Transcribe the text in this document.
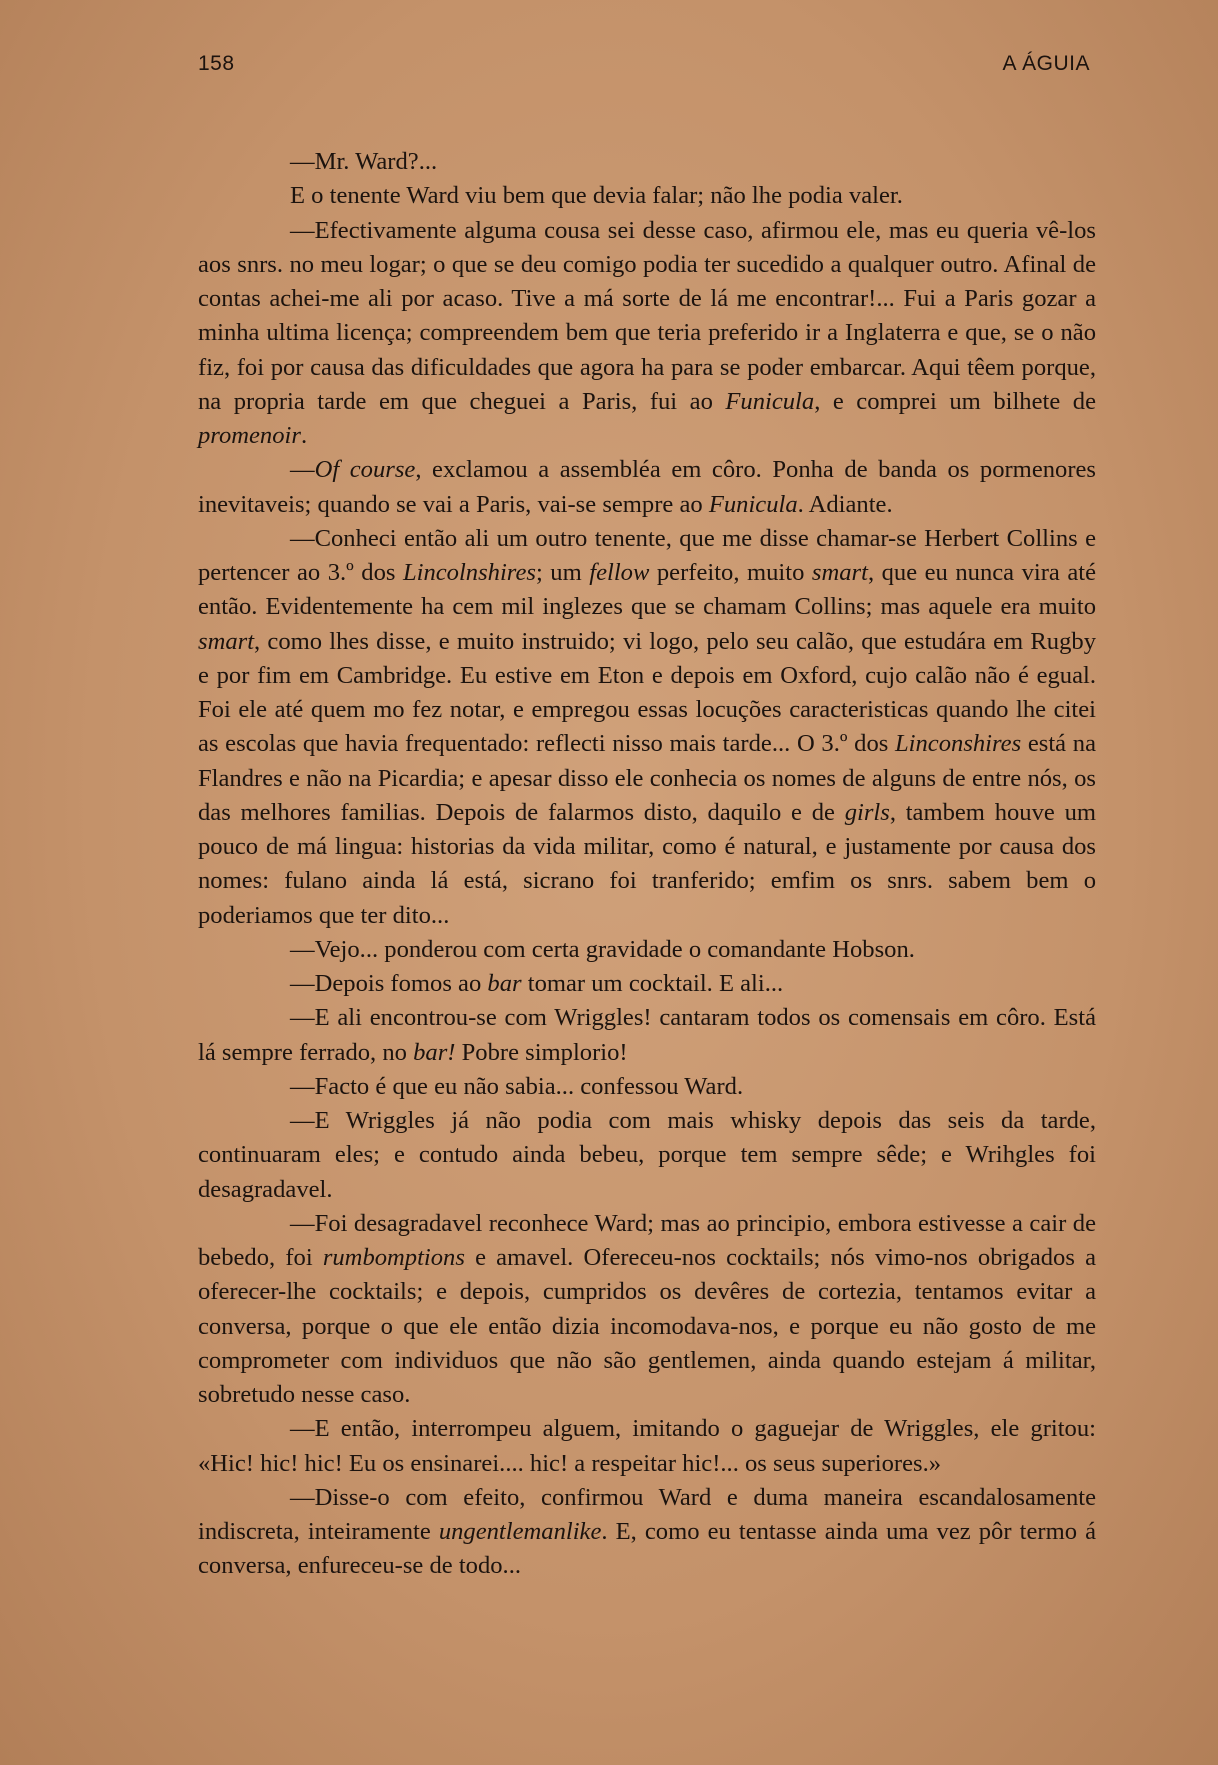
158	A ÁGUIA

—Mr. Ward?...

E o tenente Ward viu bem que devia falar; não lhe podia valer.

—Efectivamente alguma cousa sei desse caso, afirmou ele, mas eu queria vê-los aos snrs. no meu logar; o que se deu comigo podia ter sucedido a qualquer outro. Afinal de contas achei-me ali por acaso. Tive a má sorte de lá me encontrar!... Fui a Paris gozar a minha ultima licença; compreendem bem que teria preferido ir a Inglaterra e que, se o não fiz, foi por causa das dificuldades que agora ha para se poder embarcar. Aqui têem porque, na propria tarde em que cheguei a Paris, fui ao Funicula, e comprei um bilhete de promenoir.

—Of course, exclamou a assembléa em côro. Ponha de banda os pormenores inevitaveis; quando se vai a Paris, vai-se sempre ao Funicula. Adiante.

—Conheci então ali um outro tenente, que me disse chamar-se Herbert Collins e pertencer ao 3.º dos Lincolnshires; um fellow perfeito, muito smart, que eu nunca vira até então. Evidentemente ha cem mil inglezes que se chamam Collins; mas aquele era muito smart, como lhes disse, e muito instruido; vi logo, pelo seu calão, que estudára em Rugby e por fim em Cambridge. Eu estive em Eton e depois em Oxford, cujo calão não é egual. Foi ele até quem mo fez notar, e empregou essas locuções caracteristicas quando lhe citei as escolas que havia frequentado: reflecti nisso mais tarde... O 3.º dos Linconshires está na Flandres e não na Picardia; e apesar disso ele conhecia os nomes de alguns de entre nós, os das melhores familias. Depois de falarmos disto, daquilo e de girls, tambem houve um pouco de má lingua: historias da vida militar, como é natural, e justamente por causa dos nomes: fulano ainda lá está, sicrano foi tranferido; emfim os snrs. sabem bem o poderiamos que ter dito...

—Vejo... ponderou com certa gravidade o comandante Hobson.

—Depois fomos ao bar tomar um cocktail. E ali...

—E ali encontrou-se com Wriggles! cantaram todos os comensais em côro. Está lá sempre ferrado, no bar! Pobre simplorio!

—Facto é que eu não sabia... confessou Ward.

—E Wriggles já não podia com mais whisky depois das seis da tarde, continuaram eles; e contudo ainda bebeu, porque tem sempre sêde; e Wrihgles foi desagradavel.

—Foi desagradavel reconhece Ward; mas ao principio, embora estivesse a cair de bebedo, foi rumbomptions e amavel. Ofereceu-nos cocktails; nós vimo-nos obrigados a oferecer-lhe cocktails; e depois, cumpridos os devêres de cortezia, tentamos evitar a conversa, porque o que ele então dizia incomodava-nos, e porque eu não gosto de me comprometer com individuos que não são gentlemen, ainda quando estejam á militar, sobretudo nesse caso.

—E então, interrompeu alguem, imitando o gaguejar de Wriggles, ele gritou: «Hic! hic! hic! Eu os ensinarei.... hic! a respeitar hic!... os seus superiores.»

—Disse-o com efeito, confirmou Ward e duma maneira escandalosamente indiscreta, inteiramente ungentlemanlike. E, como eu tentasse ainda uma vez pôr termo á conversa, enfureceu-se de todo...
